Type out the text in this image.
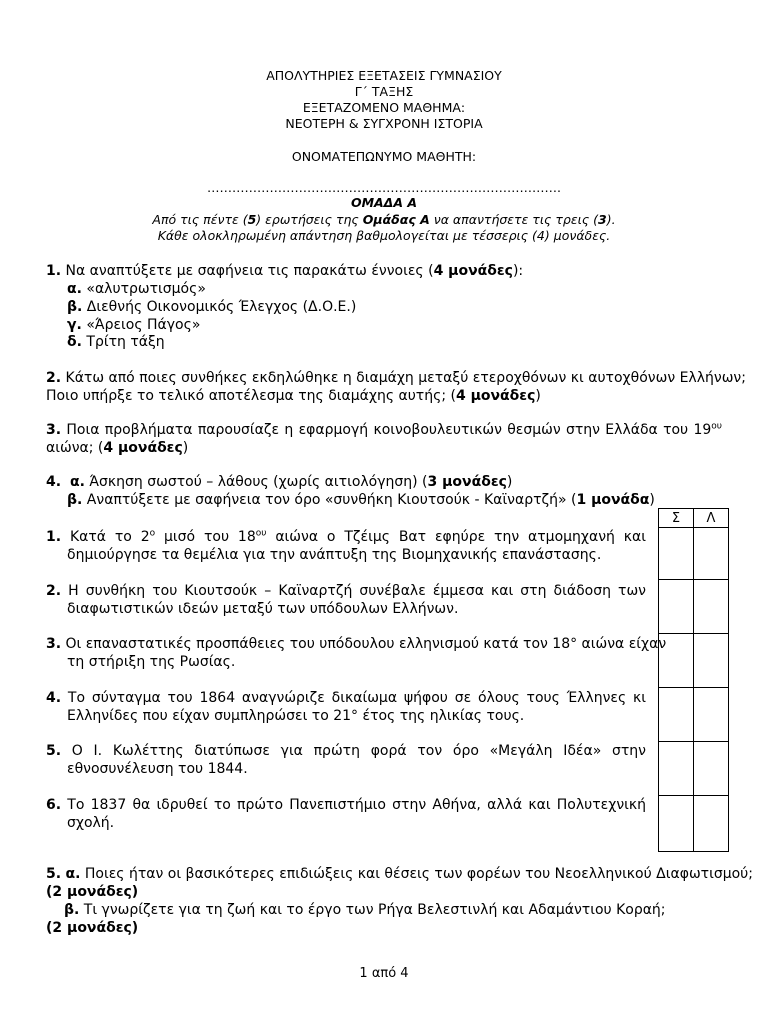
ΑΠΟΛΥΤΗΡΙΕΣ ΕΞΕΤΑΣΕΙΣ ΓΥΜΝΑΣΙΟΥ
Γ΄ ΤΑΞΗΣ
ΕΞΕΤΑΖΟΜΕΝΟ ΜΑΘΗΜΑ:
ΝΕΟΤΕΡΗ & ΣΥΓΧΡΟΝΗ ΙΣΤΟΡΙΑ
ΟΝΟΜΑΤΕΠΩΝΥΜΟ ΜΑΘΗΤΗ:
………………………………………………………………………….
ΟΜΑΔΑ Α
Από τις πέντε (5) ερωτήσεις της Ομάδας Α να απαντήσετε τις τρεις (3).
Κάθε ολοκληρωμένη απάντηση βαθμολογείται με τέσσερις (4) μονάδες.
1. Να αναπτύξετε με σαφήνεια τις παρακάτω έννοιες (4 μονάδες):
α. «αλυτρωτισμός»
β. Διεθνής Οικονομικός Έλεγχος (Δ.Ο.Ε.)
γ. «Άρειος Πάγος»
δ. Τρίτη τάξη
2. Κάτω από ποιες συνθήκες εκδηλώθηκε η διαμάχη μεταξύ ετεροχθόνων κι αυτοχθόνων Ελλήνων;
Ποιο υπήρξε το τελικό αποτέλεσμα της διαμάχης αυτής; (4 μονάδες)
3. Ποια προβλήματα παρουσίαζε η εφαρμογή κοινοβουλευτικών θεσμών στην Ελλάδα του $19^{o\upsilon}$
αιώνα; (4 μονάδες)
4. α. Άσκηση σωστού – λάθους (χωρίς αιτιολόγηση) (3 μονάδες)
β. Αναπτύξετε με σαφήνεια τον όρο «συνθήκη Κιουτσούκ - Καϊναρτζή» (1 μονάδα)
1. Κατά το $2^o$ μισό του $18^{o\upsilon}$ αιώνα ο Τζέιμς Βατ εφηύρε την ατμομηχανή και
δημιούργησε τα θεμέλια για την ανάπτυξη της Βιομηχανικής επανάστασης.
2. Η συνθήκη του Κιουτσούκ – Καϊναρτζή συνέβαλε έμμεσα και στη διάδοση των
διαφωτιστικών ιδεών μεταξύ των υπόδουλων Ελλήνων.
3. Οι επαναστατικές προσπάθειες του υπόδουλου ελληνισμού κατά τον 18° αιώνα είχαν
τη στήριξη της Ρωσίας.
4. Το σύνταγμα του 1864 αναγνώριζε δικαίωμα ψήφου σε όλους τους Έλληνες κι
Ελληνίδες που είχαν συμπληρώσει το 21° έτος της ηλικίας τους.
5. Ο Ι. Κωλέττης διατύπωσε για πρώτη φορά τον όρο «Μεγάλη Ιδέα» στην
εθνοσυνέλευση του 1844.
6. Το 1837 θα ιδρυθεί το πρώτο Πανεπιστήμιο στην Αθήνα, αλλά και Πολυτεχνική
σχολή.
Σ	Λ

5. α. Ποιες ήταν οι βασικότερες επιδιώξεις και θέσεις των φορέων του Νεοελληνικού Διαφωτισμού;
(2 μονάδες)
β. Τι γνωρίζετε για τη ζωή και το έργο των Ρήγα Βελεστινλή και Αδαμάντιου Κοραή;
(2 μονάδες)
1 από 4
